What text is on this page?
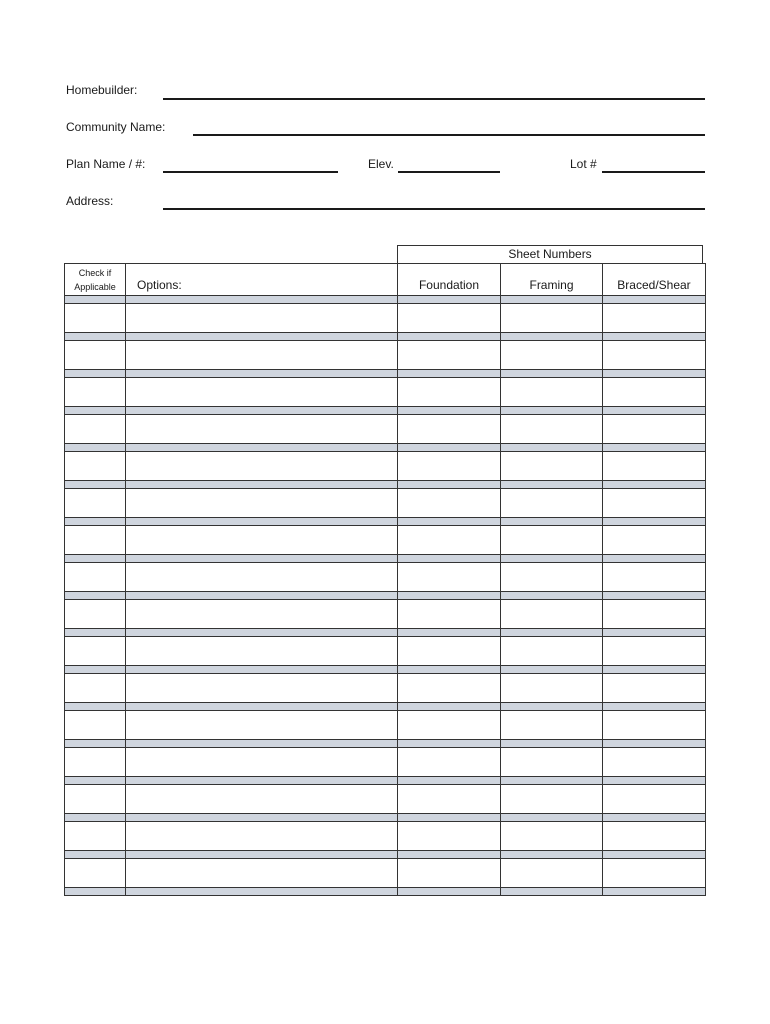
Homebuilder:
Community Name:
Plan Name / #:	Elev.	Lot #
Address:
Sheet Numbers
Check if
Applicable	Options:	Foundation	Framing	Braced/Shear
